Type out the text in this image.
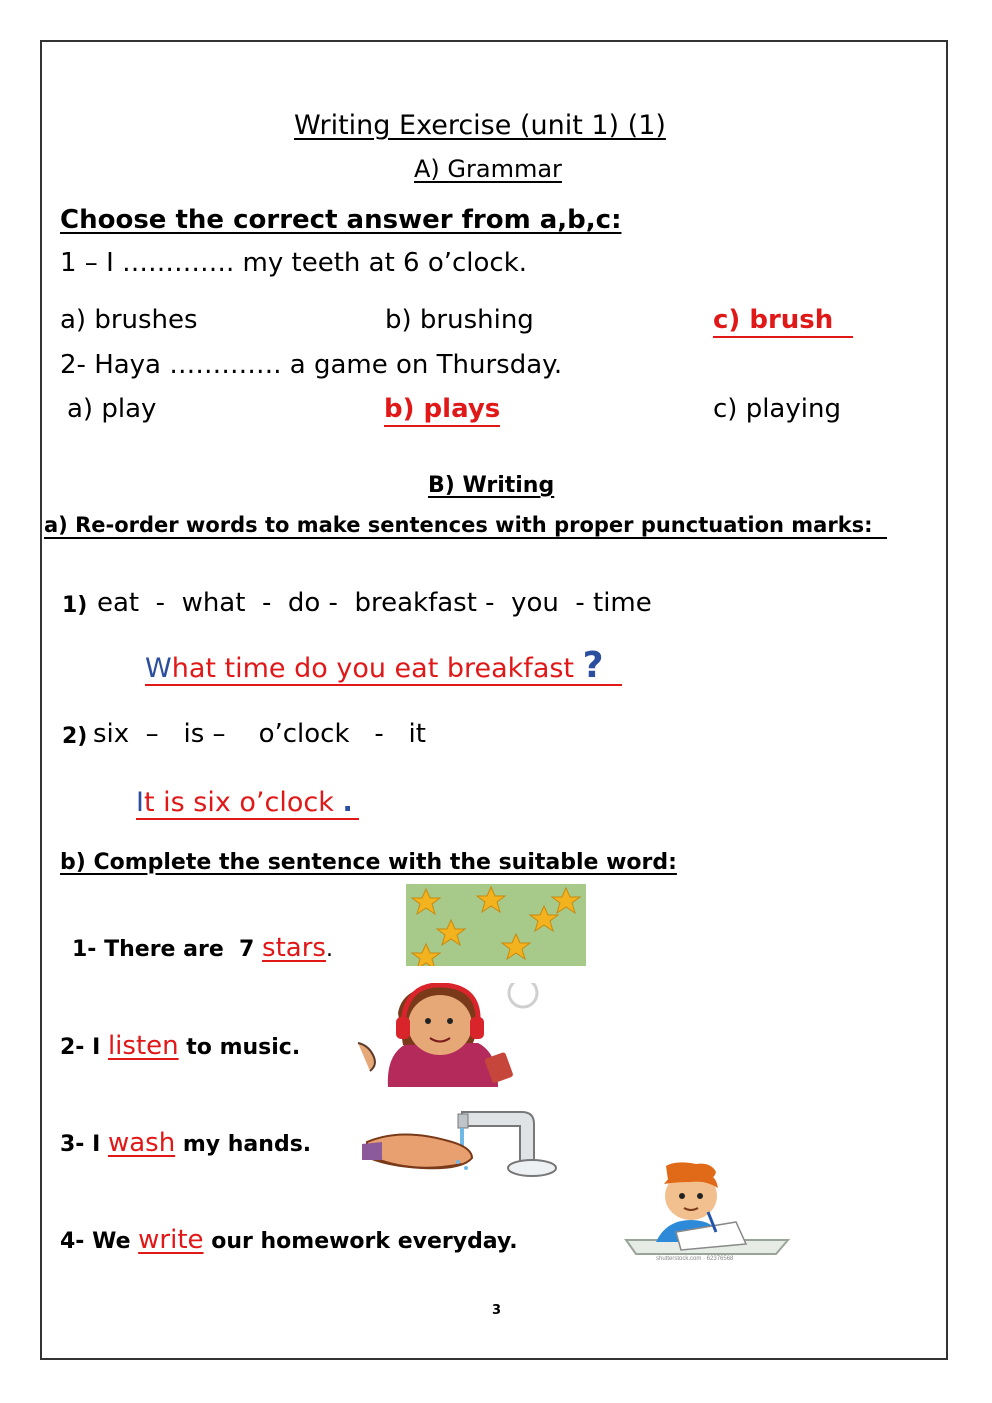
Writing Exercise (unit 1) (1)
A) Grammar
Choose the correct answer from a,b,c:
1 – I …………. my teeth at 6 o’clock.
a) brushes	b) brushing	c) brush
2- Haya …………. a game on Thursday.
a) play	b) plays	c) playing
B) Writing
a) Re-order words to make sentences with proper punctuation marks:
1) eat  -  what  -  do -  breakfast -  you  - time
What time do you eat breakfast ?
2) six  –   is –    o’clock   -   it
It is six o’clock .
b) Complete the sentence with the suitable word:
1- There are  7 stars.
2- I listen to music.
3- I wash my hands.
4- We write our homework everyday.
shutterstock.com · 62376568
3
